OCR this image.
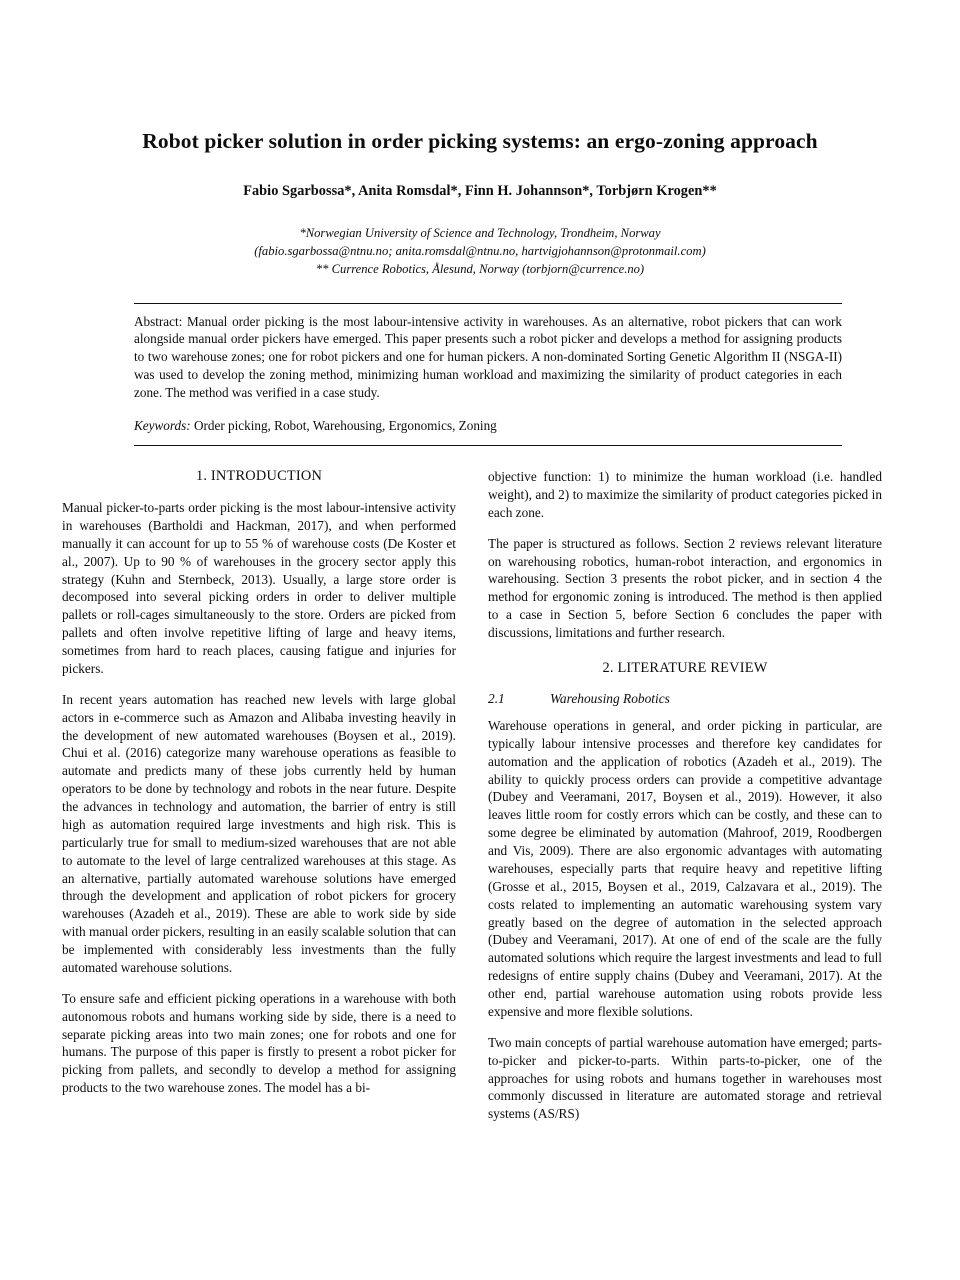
Robot picker solution in order picking systems: an ergo-zoning approach
Fabio Sgarbossa*, Anita Romsdal*, Finn H. Johannson*, Torbjørn Krogen**
*Norwegian University of Science and Technology, Trondheim, Norway
(fabio.sgarbossa@ntnu.no; anita.romsdal@ntnu.no, hartvigjohannson@protonmail.com)
** Currence Robotics, Ålesund, Norway (torbjorn@currence.no)

Abstract: Manual order picking is the most labour-intensive activity in warehouses. As an alternative, robot pickers that can work alongside manual order pickers have emerged. This paper presents such a robot picker and develops a method for assigning products to two warehouse zones; one for robot pickers and one for human pickers. A non-dominated Sorting Genetic Algorithm II (NSGA-II) was used to develop the zoning method, minimizing human workload and maximizing the similarity of product categories in each zone. The method was verified in a case study.

Keywords: Order picking, Robot, Warehousing, Ergonomics, Zoning

1. INTRODUCTION

Manual picker-to-parts order picking is the most labour-intensive activity in warehouses (Bartholdi and Hackman, 2017), and when performed manually it can account for up to 55 % of warehouse costs (De Koster et al., 2007). Up to 90 % of warehouses in the grocery sector apply this strategy (Kuhn and Sternbeck, 2013). Usually, a large store order is decomposed into several picking orders in order to deliver multiple pallets or roll-cages simultaneously to the store. Orders are picked from pallets and often involve repetitive lifting of large and heavy items, sometimes from hard to reach places, causing fatigue and injuries for pickers.

In recent years automation has reached new levels with large global actors in e-commerce such as Amazon and Alibaba investing heavily in the development of new automated warehouses (Boysen et al., 2019). Chui et al. (2016) categorize many warehouse operations as feasible to automate and predicts many of these jobs currently held by human operators to be done by technology and robots in the near future. Despite the advances in technology and automation, the barrier of entry is still high as automation required large investments and high risk. This is particularly true for small to medium-sized warehouses that are not able to automate to the level of large centralized warehouses at this stage. As an alternative, partially automated warehouse solutions have emerged through the development and application of robot pickers for grocery warehouses (Azadeh et al., 2019). These are able to work side by side with manual order pickers, resulting in an easily scalable solution that can be implemented with considerably less investments than the fully automated warehouse solutions.

To ensure safe and efficient picking operations in a warehouse with both autonomous robots and humans working side by side, there is a need to separate picking areas into two main zones; one for robots and one for humans. The purpose of this paper is firstly to present a robot picker for picking from pallets, and secondly to develop a method for assigning products to the two warehouse zones. The model has a bi-

objective function: 1) to minimize the human workload (i.e. handled weight), and 2) to maximize the similarity of product categories picked in each zone.

The paper is structured as follows. Section 2 reviews relevant literature on warehousing robotics, human-robot interaction, and ergonomics in warehousing. Section 3 presents the robot picker, and in section 4 the method for ergonomic zoning is introduced. The method is then applied to a case in Section 5, before Section 6 concludes the paper with discussions, limitations and further research.

2. LITERATURE REVIEW
2.1	Warehousing Robotics

Warehouse operations in general, and order picking in particular, are typically labour intensive processes and therefore key candidates for automation and the application of robotics (Azadeh et al., 2019). The ability to quickly process orders can provide a competitive advantage (Dubey and Veeramani, 2017, Boysen et al., 2019). However, it also leaves little room for costly errors which can be costly, and these can to some degree be eliminated by automation (Mahroof, 2019, Roodbergen and Vis, 2009). There are also ergonomic advantages with automating warehouses, especially parts that require heavy and repetitive lifting (Grosse et al., 2015, Boysen et al., 2019, Calzavara et al., 2019). The costs related to implementing an automatic warehousing system vary greatly based on the degree of automation in the selected approach (Dubey and Veeramani, 2017). At one of end of the scale are the fully automated solutions which require the largest investments and lead to full redesigns of entire supply chains (Dubey and Veeramani, 2017). At the other end, partial warehouse automation using robots provide less expensive and more flexible solutions.

Two main concepts of partial warehouse automation have emerged; parts-to-picker and picker-to-parts. Within parts-to-picker, one of the approaches for using robots and humans together in warehouses most commonly discussed in literature are automated storage and retrieval systems (AS/RS)
